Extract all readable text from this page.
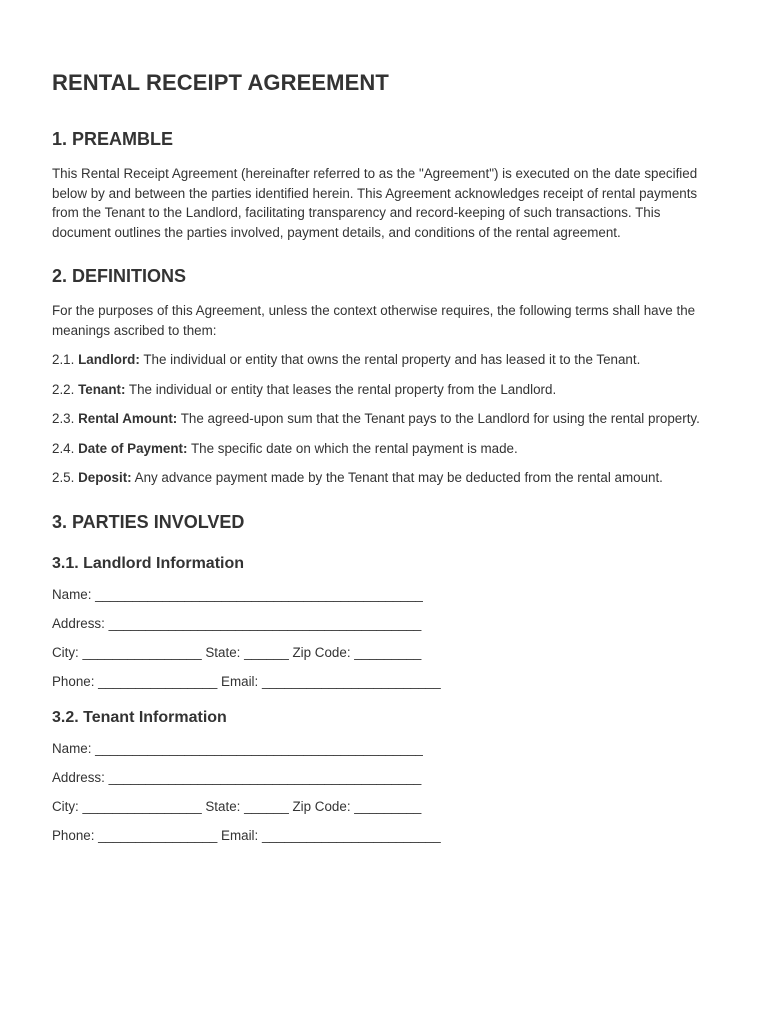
RENTAL RECEIPT AGREEMENT
1. PREAMBLE

This Rental Receipt Agreement (hereinafter referred to as the "Agreement") is executed on the date specified below by and between the parties identified herein. This Agreement acknowledges receipt of rental payments from the Tenant to the Landlord, facilitating transparency and record-keeping of such transactions. This document outlines the parties involved, payment details, and conditions of the rental agreement.

2. DEFINITIONS

For the purposes of this Agreement, unless the context otherwise requires, the following terms shall have the meanings ascribed to them:

2.1. Landlord: The individual or entity that owns the rental property and has leased it to the Tenant.

2.2. Tenant: The individual or entity that leases the rental property from the Landlord.

2.3. Rental Amount: The agreed-upon sum that the Tenant pays to the Landlord for using the rental property.

2.4. Date of Payment: The specific date on which the rental payment is made.

2.5. Deposit: Any advance payment made by the Tenant that may be deducted from the rental amount.

3. PARTIES INVOLVED
3.1. Landlord Information
Name: ____________________________________________
Address: __________________________________________
City: ________________ State: ______ Zip Code: _________
Phone: ________________ Email: ________________________
3.2. Tenant Information
Name: ____________________________________________
Address: __________________________________________
City: ________________ State: ______ Zip Code: _________
Phone: ________________ Email: ________________________
